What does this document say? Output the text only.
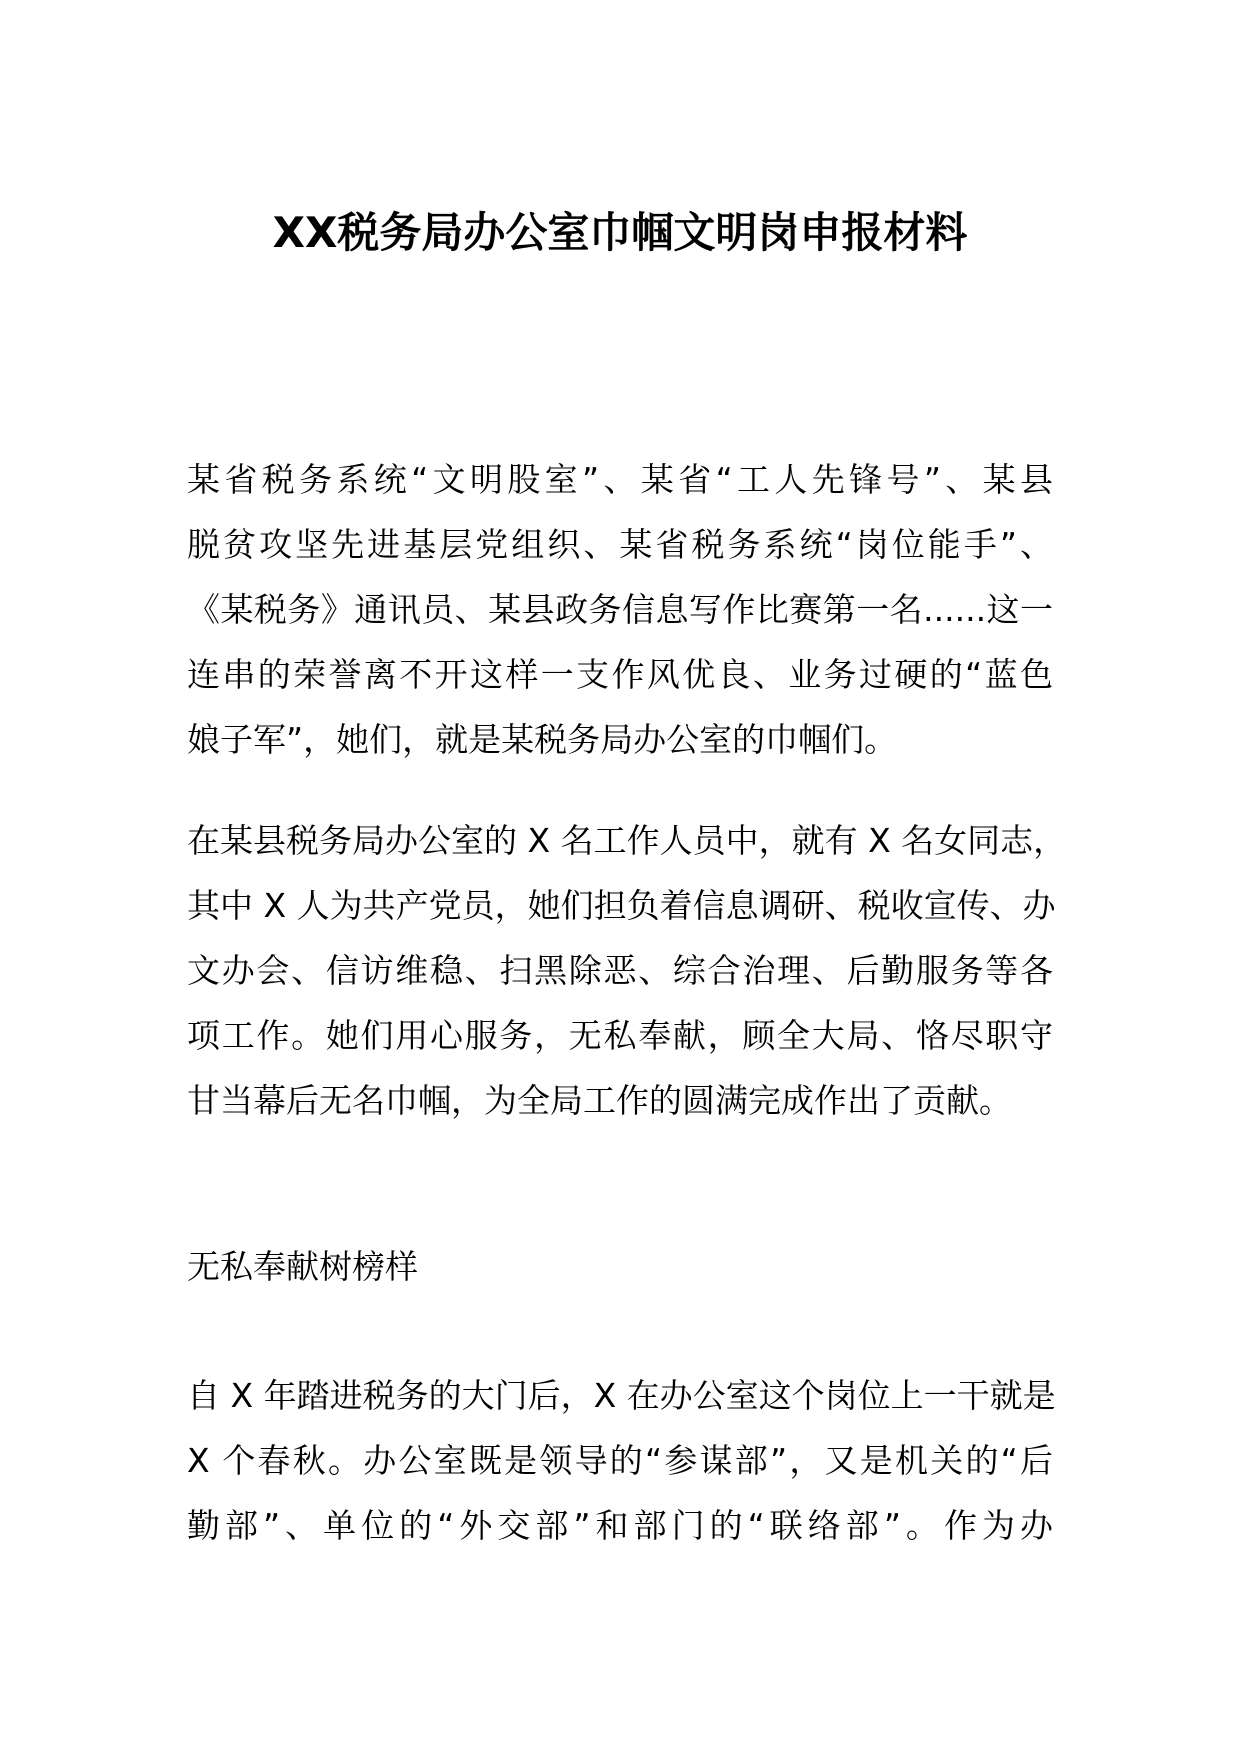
XX税务局办公室巾帼文明岗申报材料
某省税务系统“文明股室”、某省“工人先锋号”、某县
脱贫攻坚先进基层党组织、某省税务系统“岗位能手”、
《某税务》通讯员、某县政务信息写作比赛第一名......这一
连串的荣誉离不开这样一支作风优良、业务过硬的“蓝色
娘子军”，她们，就是某税务局办公室的巾帼们。
在某县税务局办公室的 X 名工作人员中，就有 X 名女同志，
其中 X 人为共产党员，她们担负着信息调研、税收宣传、办
文办会、信访维稳、扫黑除恶、综合治理、后勤服务等各
项工作。她们用心服务，无私奉献，顾全大局、恪尽职守
甘当幕后无名巾帼，为全局工作的圆满完成作出了贡献。
无私奉献树榜样
自 X 年踏进税务的大门后，X 在办公室这个岗位上一干就是
X 个春秋。办公室既是领导的“参谋部”，又是机关的“后
勤部”、单位的“外交部”和部门的“联络部”。作为办
